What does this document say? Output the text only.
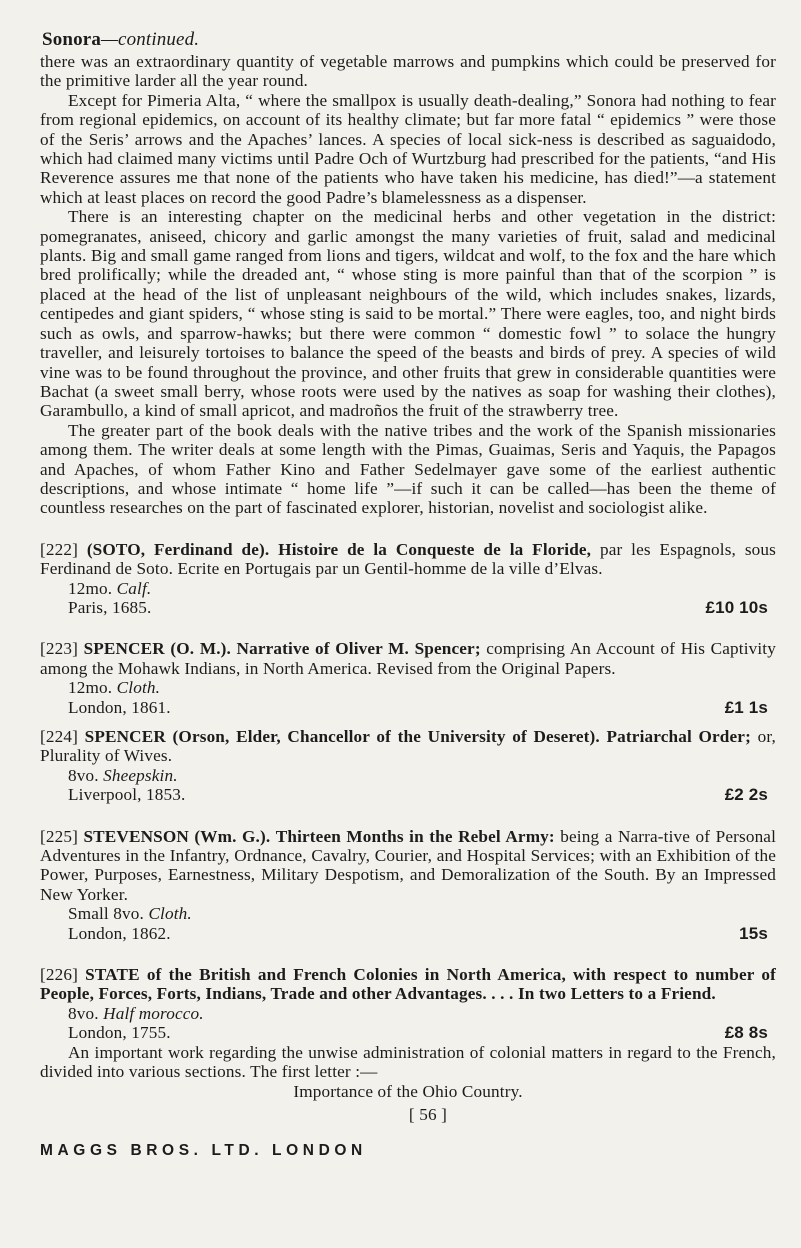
Sonora—continued.

there was an extraordinary quantity of vegetable marrows and pumpkins which could be preserved for the primitive larder all the year round.

Except for Pimeria Alta, “ where the smallpox is usually death-dealing,” Sonora had nothing to fear from regional epidemics, on account of its healthy climate; but far more fatal “ epidemics ” were those of the Seris’ arrows and the Apaches’ lances. A species of local sick-ness is described as saguaidodo, which had claimed many victims until Padre Och of Wurtzburg had prescribed for the patients, “and His Reverence assures me that none of the patients who have taken his medicine, has died!”—a statement which at least places on record the good Padre’s blamelessness as a dispenser.

There is an interesting chapter on the medicinal herbs and other vegetation in the district: pomegranates, aniseed, chicory and garlic amongst the many varieties of fruit, salad and medicinal plants. Big and small game ranged from lions and tigers, wildcat and wolf, to the fox and the hare which bred prolifically; while the dreaded ant, “ whose sting is more painful than that of the scorpion ” is placed at the head of the list of unpleasant neighbours of the wild, which includes snakes, lizards, centipedes and giant spiders, “ whose sting is said to be mortal.” There were eagles, too, and night birds such as owls, and sparrow-hawks; but there were common “ domestic fowl ” to solace the hungry traveller, and leisurely tortoises to balance the speed of the beasts and birds of prey. A species of wild vine was to be found throughout the province, and other fruits that grew in considerable quantities were Bachat (a sweet small berry, whose roots were used by the natives as soap for washing their clothes), Garambullo, a kind of small apricot, and madroños the fruit of the strawberry tree.

The greater part of the book deals with the native tribes and the work of the Spanish missionaries among them. The writer deals at some length with the Pimas, Guaimas, Seris and Yaquis, the Papagos and Apaches, of whom Father Kino and Father Sedelmayer gave some of the earliest authentic descriptions, and whose intimate “ home life ”—if such it can be called—has been the theme of countless researches on the part of fascinated explorer, historian, novelist and sociologist alike.

[222] (SOTO, Ferdinand de). Histoire de la Conqueste de la Floride, par les Espagnols, sous Ferdinand de Soto. Ecrite en Portugais par un Gentil-homme de la ville d’Elvas.
12mo. Calf.
Paris, 1685.	£10 10s
[223] SPENCER (O. M.). Narrative of Oliver M. Spencer; comprising An Account of His Captivity among the Mohawk Indians, in North America. Revised from the Original Papers.
12mo. Cloth.
London, 1861.	£1 1s
[224] SPENCER (Orson, Elder, Chancellor of the University of Deseret). Patriarchal Order; or, Plurality of Wives.
8vo. Sheepskin.
Liverpool, 1853.	£2 2s
[225] STEVENSON (Wm. G.). Thirteen Months in the Rebel Army: being a Narra-tive of Personal Adventures in the Infantry, Ordnance, Cavalry, Courier, and Hospital Services; with an Exhibition of the Power, Purposes, Earnestness, Military Despotism, and Demoralization of the South. By an Impressed New Yorker.
Small 8vo. Cloth.
London, 1862.	15s
[226] STATE of the British and French Colonies in North America, with respect to number of People, Forces, Forts, Indians, Trade and other Advantages. . . . In two Letters to a Friend.
8vo. Half morocco.
London, 1755.	£8 8s
An important work regarding the unwise administration of colonial matters in regard to the French, divided into various sections. The first letter :—
Importance of the Ohio Country.
[ 56 ]
MAGGS BROS. LTD. LONDON
